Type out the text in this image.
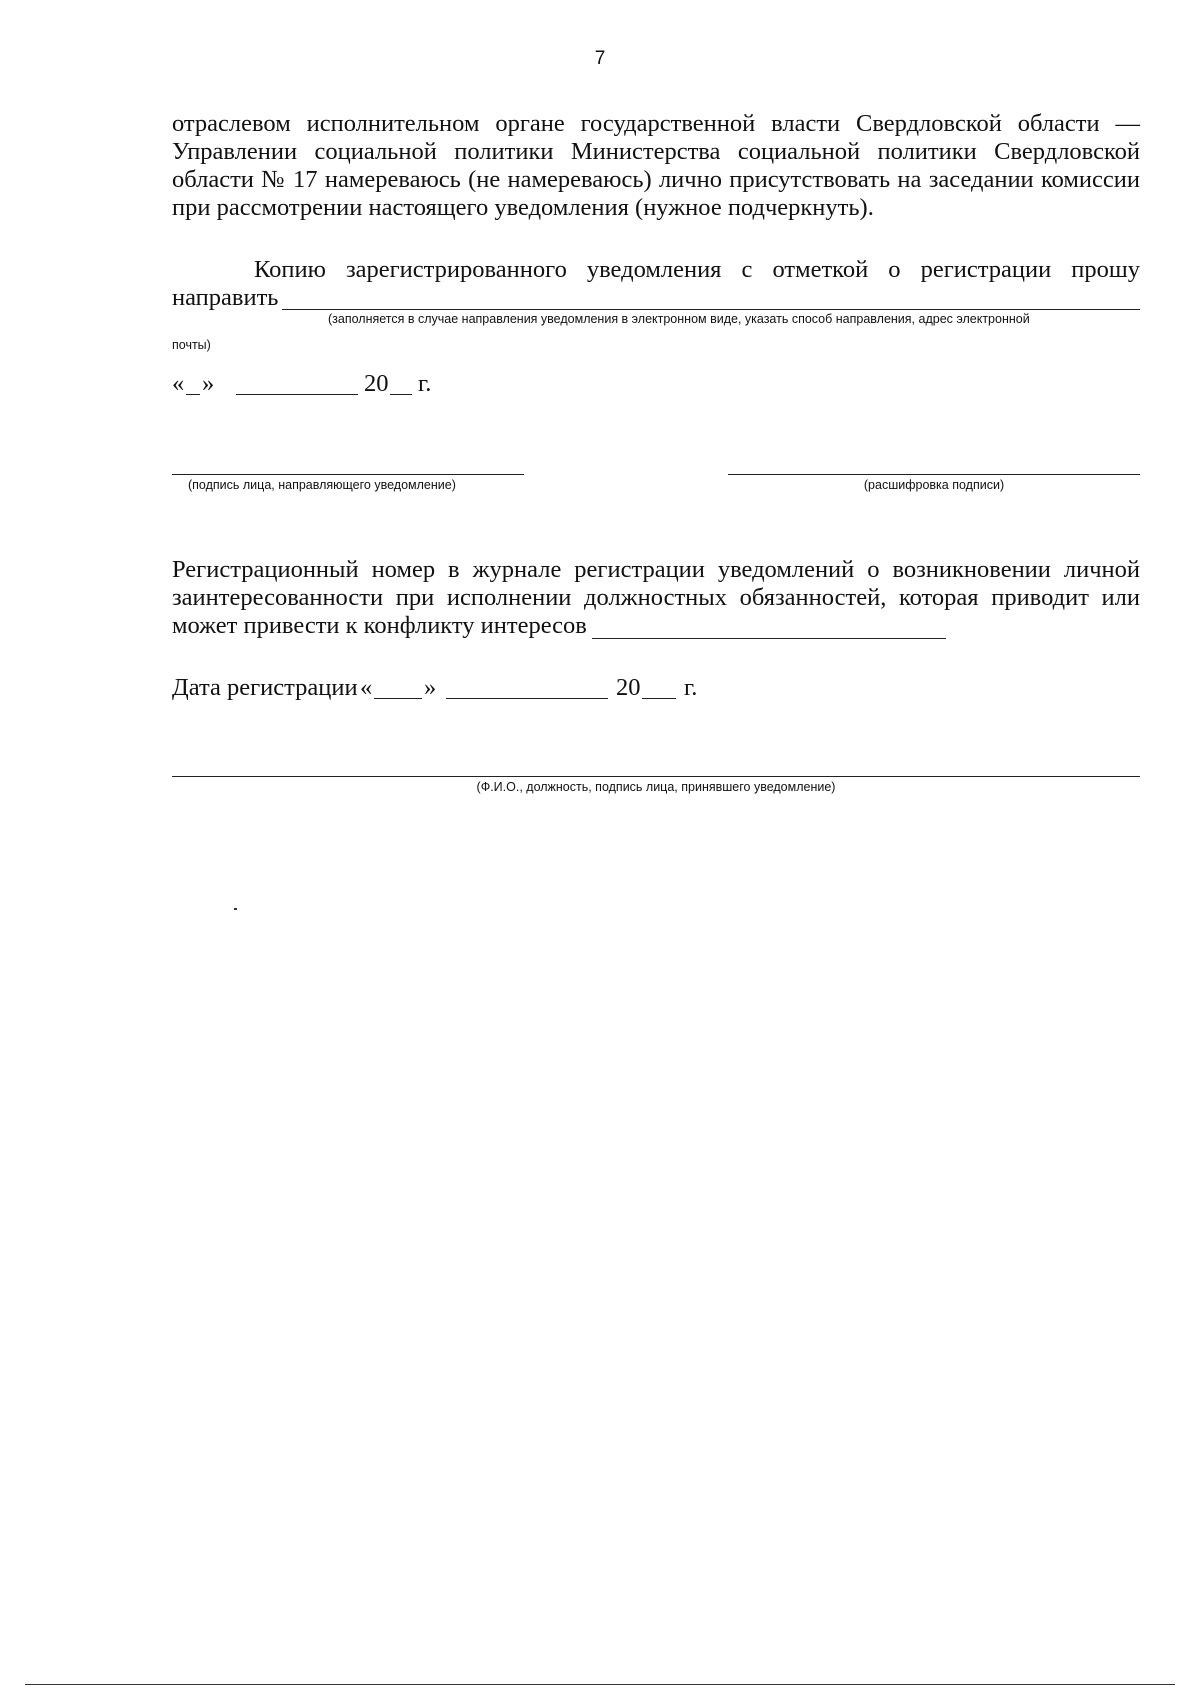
7
отраслевом исполнительном органе государственной власти Свердловской области —
Управлении социальной политики Министерства социальной политики Свердловской
области № 17 намереваюсь (не намереваюсь) лично присутствовать на заседании комиссии
при рассмотрении настоящего уведомления (нужное подчеркнуть).
Копию зарегистрированного уведомления с отметкой о регистрации прошу
направить
(заполняется в случае направления уведомления в электронном виде, указать способ направления, адрес электронной
почты)
« »	20 г.
(подпись лица, направляющего уведомление)	(расшифровка подписи)
Регистрационный номер в журнале регистрации уведомлений о возникновении личной
заинтересованности при исполнении должностных обязанностей, которая приводит или
может привести к конфликту интересов
Дата регистрации « »	20 г.
(Ф.И.О., должность, подпись лица, принявшего уведомление)
